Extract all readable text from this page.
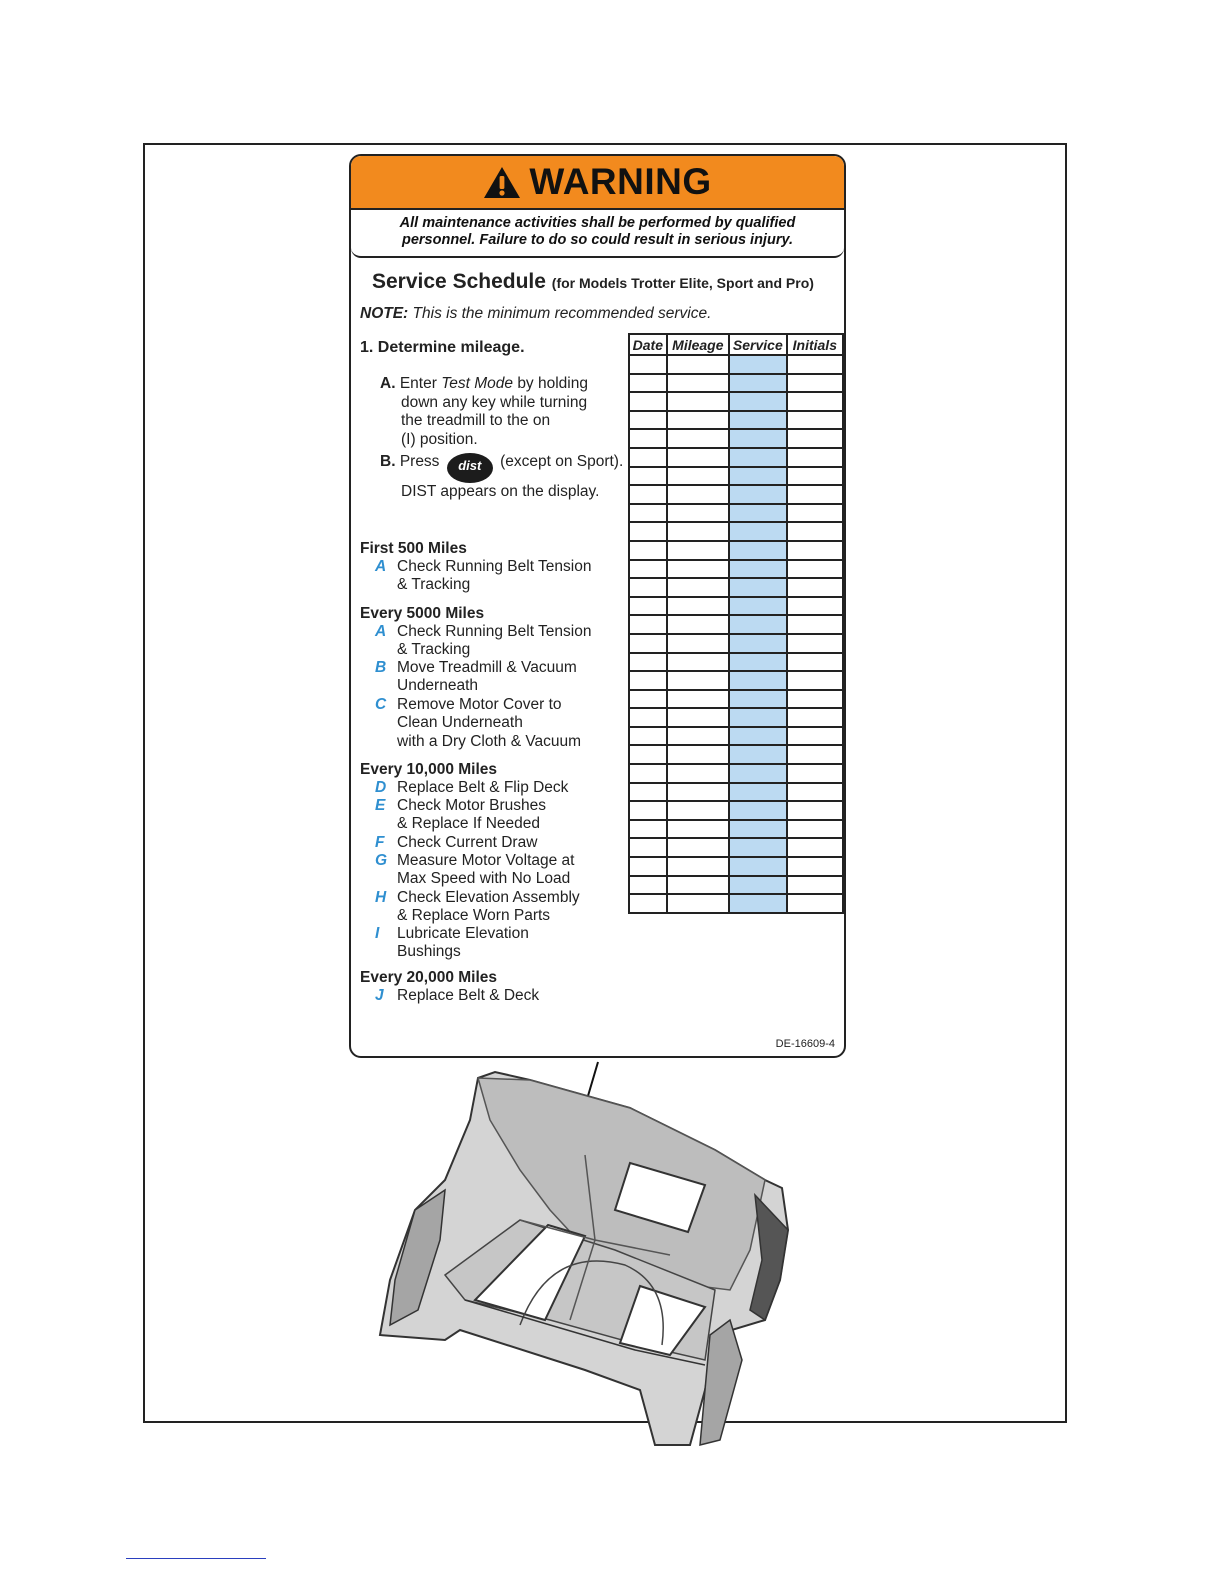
WARNING
All maintenance activities shall be performed by qualified
personnel. Failure to do so could result in serious injury.
Service Schedule (for Models Trotter Elite, Sport and Pro)
NOTE: This is the minimum recommended service.
1. Determine mileage.
A. Enter Test Mode by holding
down any key while turning
the treadmill to the on
(I) position.
B. Press dist (except on Sport).
DIST appears on the display.
First 500 Miles
A Check Running Belt Tension
& Tracking
Every 5000 Miles
A Check Running Belt Tension
& Tracking
B Move Treadmill & Vacuum
Underneath
C Remove Motor Cover to
Clean Underneath
with a Dry Cloth & Vacuum
Every 10,000 Miles
D Replace Belt & Flip Deck
E Check Motor Brushes
& Replace If Needed
F Check Current Draw
G Measure Motor Voltage at
Max Speed with No Load
H Check Elevation Assembly
& Replace Worn Parts
I Lubricate Elevation
Bushings
Every 20,000 Miles
J Replace Belt & Deck
Date	Mileage	Service	Initials

DE-16609-4
